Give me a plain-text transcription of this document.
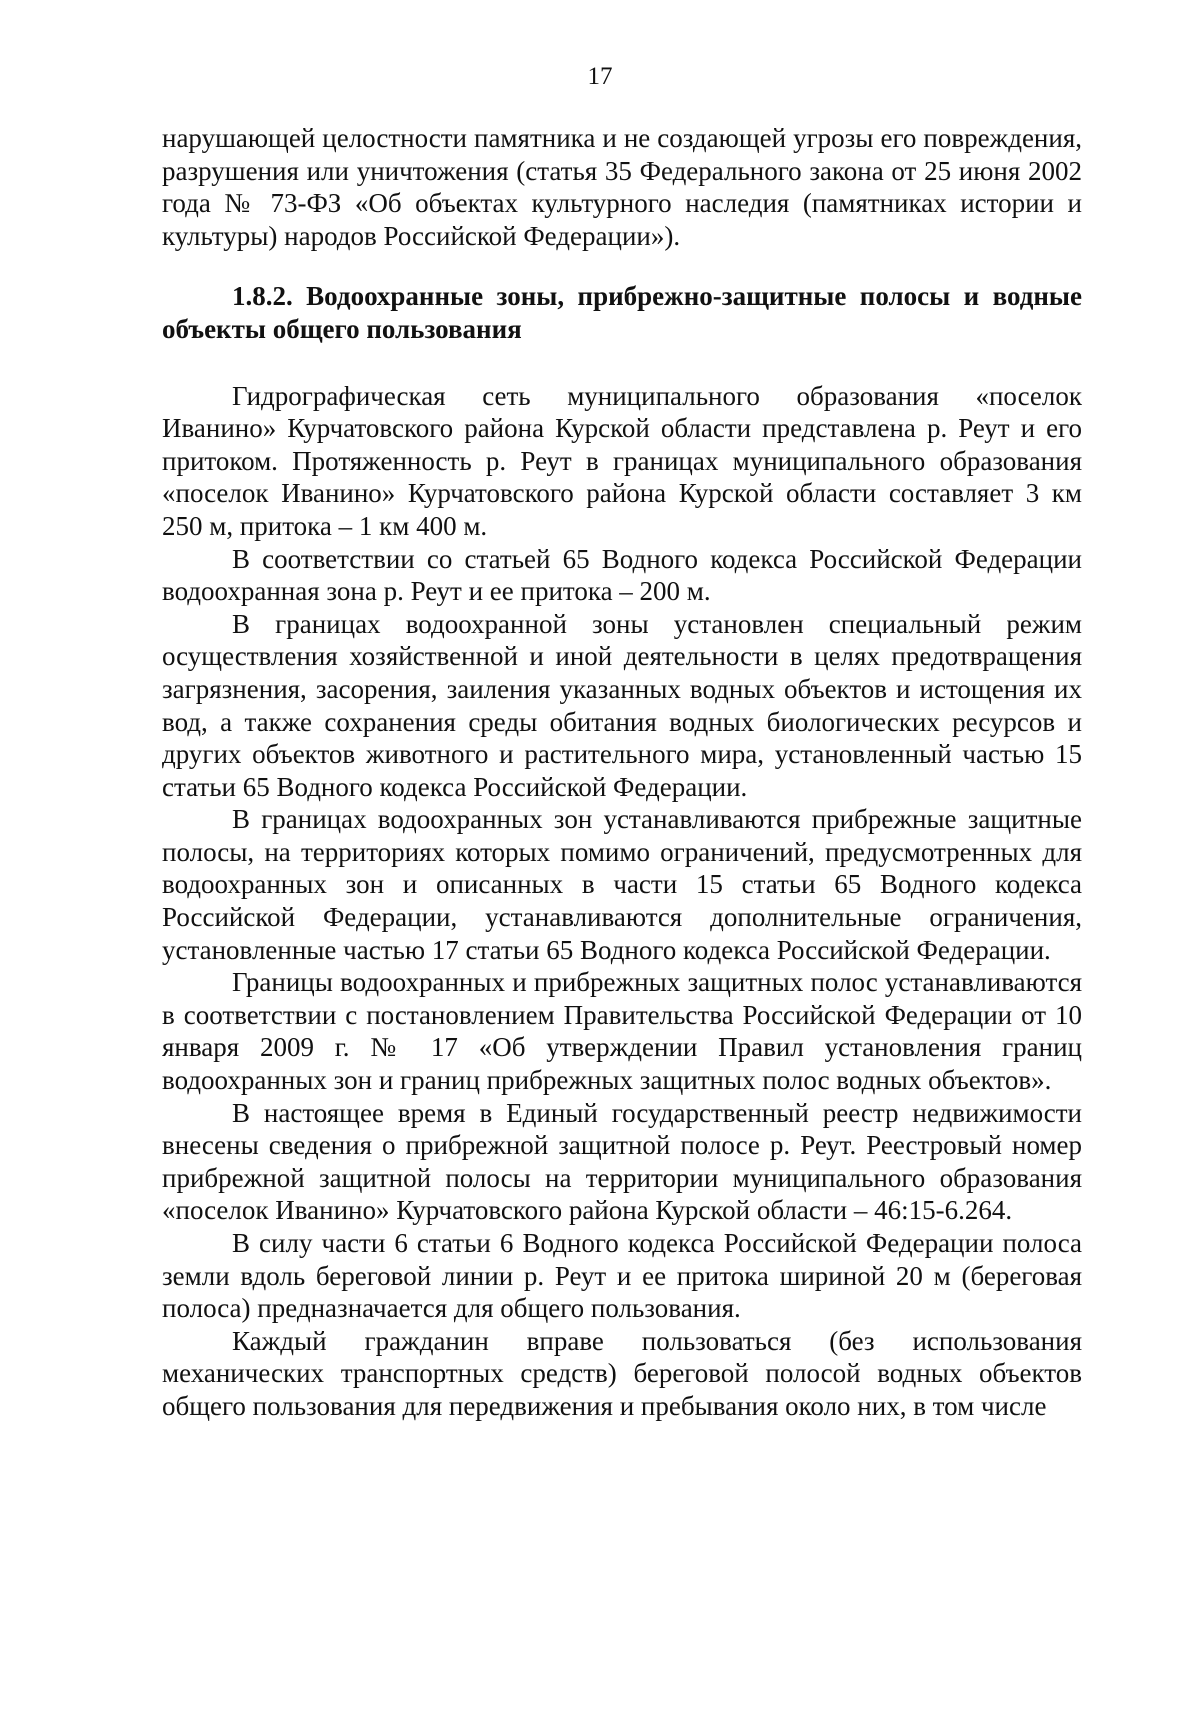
17

нарушающей целостности памятника и не создающей угрозы его повреждения, разрушения или уничтожения (статья 35 Федерального закона от 25 июня 2002 года № 73-ФЗ «Об объектах культурного наследия (памятниках истории и культуры) народов Российской Федерации»).

1.8.2. Водоохранные зоны, прибрежно-защитные полосы и водные объекты общего пользования

Гидрографическая сеть муниципального образования «поселок Иванино» Курчатовского района Курской области представлена р. Реут и его притоком. Протяженность р. Реут в границах муниципального образования «поселок Иванино» Курчатовского района Курской области составляет 3 км 250 м, притока – 1 км 400 м.

В соответствии со статьей 65 Водного кодекса Российской Федерации водоохранная зона р. Реут и ее притока – 200 м.

В границах водоохранной зоны установлен специальный режим осуществления хозяйственной и иной деятельности в целях предотвращения загрязнения, засорения, заиления указанных водных объектов и истощения их вод, а также сохранения среды обитания водных биологических ресурсов и других объектов животного и растительного мира, установленный частью 15 статьи 65 Водного кодекса Российской Федерации.

В границах водоохранных зон устанавливаются прибрежные защитные полосы, на территориях которых помимо ограничений, предусмотренных для водоохранных зон и описанных в части 15 статьи 65 Водного кодекса Российской Федерации, устанавливаются дополнительные ограничения, установленные частью 17 статьи 65 Водного кодекса Российской Федерации.

Границы водоохранных и прибрежных защитных полос устанавливаются в соответствии с постановлением Правительства Российской Федерации от 10 января 2009 г. № 17 «Об утверждении Правил установления границ водоохранных зон и границ прибрежных защитных полос водных объектов».

В настоящее время в Единый государственный реестр недвижимости внесены сведения о прибрежной защитной полосе р. Реут. Реестровый номер прибрежной защитной полосы на территории муниципального образования «поселок Иванино» Курчатовского района Курской области – 46:15-6.264.

В силу части 6 статьи 6 Водного кодекса Российской Федерации полоса земли вдоль береговой линии р. Реут и ее притока шириной 20 м (береговая полоса) предназначается для общего пользования.

Каждый гражданин вправе пользоваться (без использования механических транспортных средств) береговой полосой водных объектов общего пользования для передвижения и пребывания около них, в том числе
